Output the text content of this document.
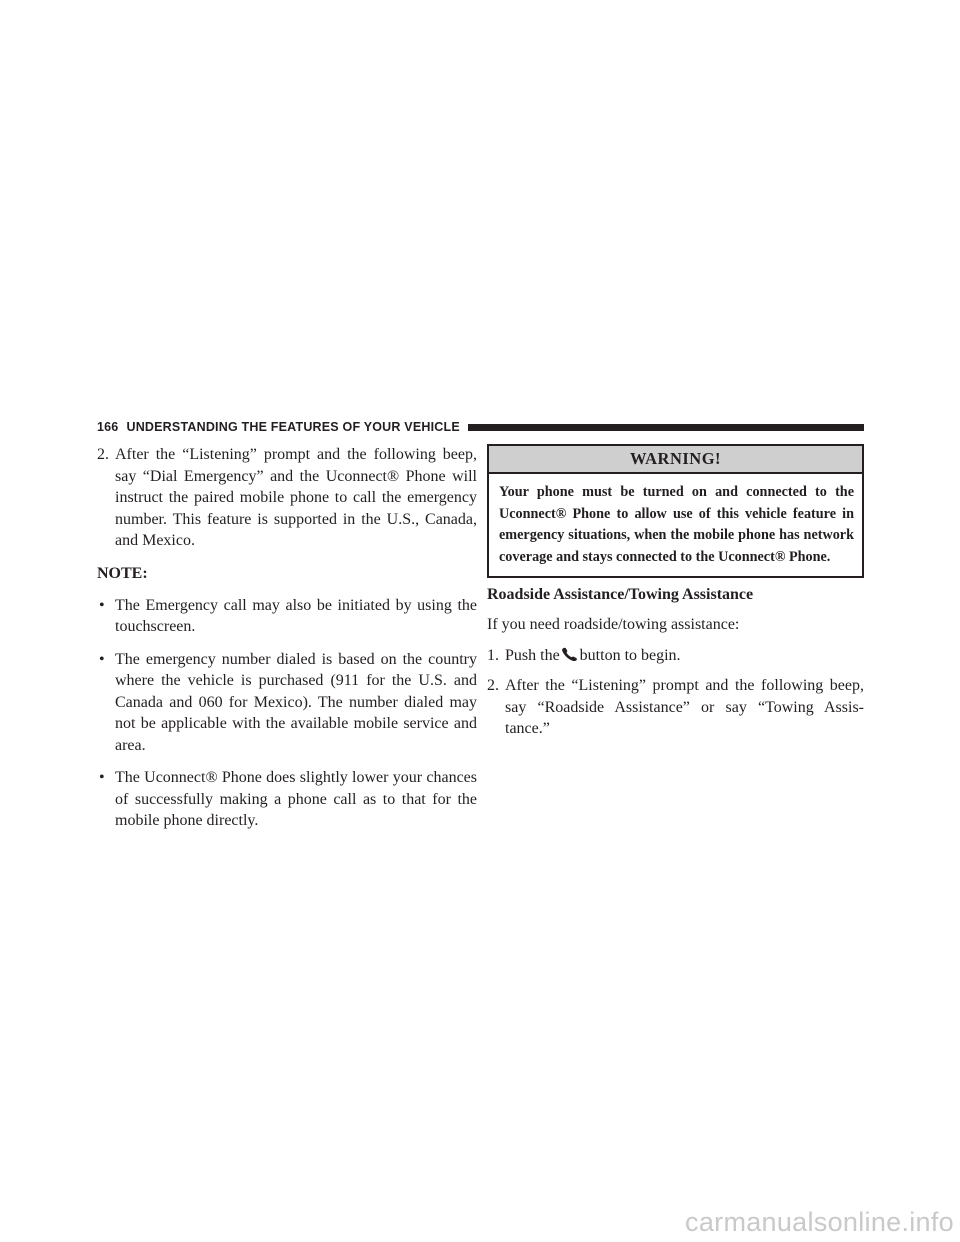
166 UNDERSTANDING THE FEATURES OF YOUR VEHICLE
2. After the “Listening” prompt and the following beep, say “Dial Emergency” and the Uconnect® Phone will instruct the paired mobile phone to call the emergency number. This feature is supported in the U.S., Canada, and Mexico.
NOTE:
• The Emergency call may also be initiated by using the touchscreen.
• The emergency number dialed is based on the country where the vehicle is purchased (911 for the U.S. and Canada and 060 for Mexico). The number dialed may not be applicable with the available mobile service and area.
• The Uconnect® Phone does slightly lower your chances of successfully making a phone call as to that for the mobile phone directly.
WARNING!
Your phone must be turned on and connected to the Uconnect® Phone to allow use of this vehicle feature in emergency situations, when the mobile phone has network coverage and stays connected to the Uconnect® Phone.
Roadside Assistance/Towing Assistance
If you need roadside/towing assistance:
1. Push the button to begin.
2. After the “Listening” prompt and the following beep, say “Roadside Assistance” or say “Towing Assis-tance.”
carmanualsonline.info
